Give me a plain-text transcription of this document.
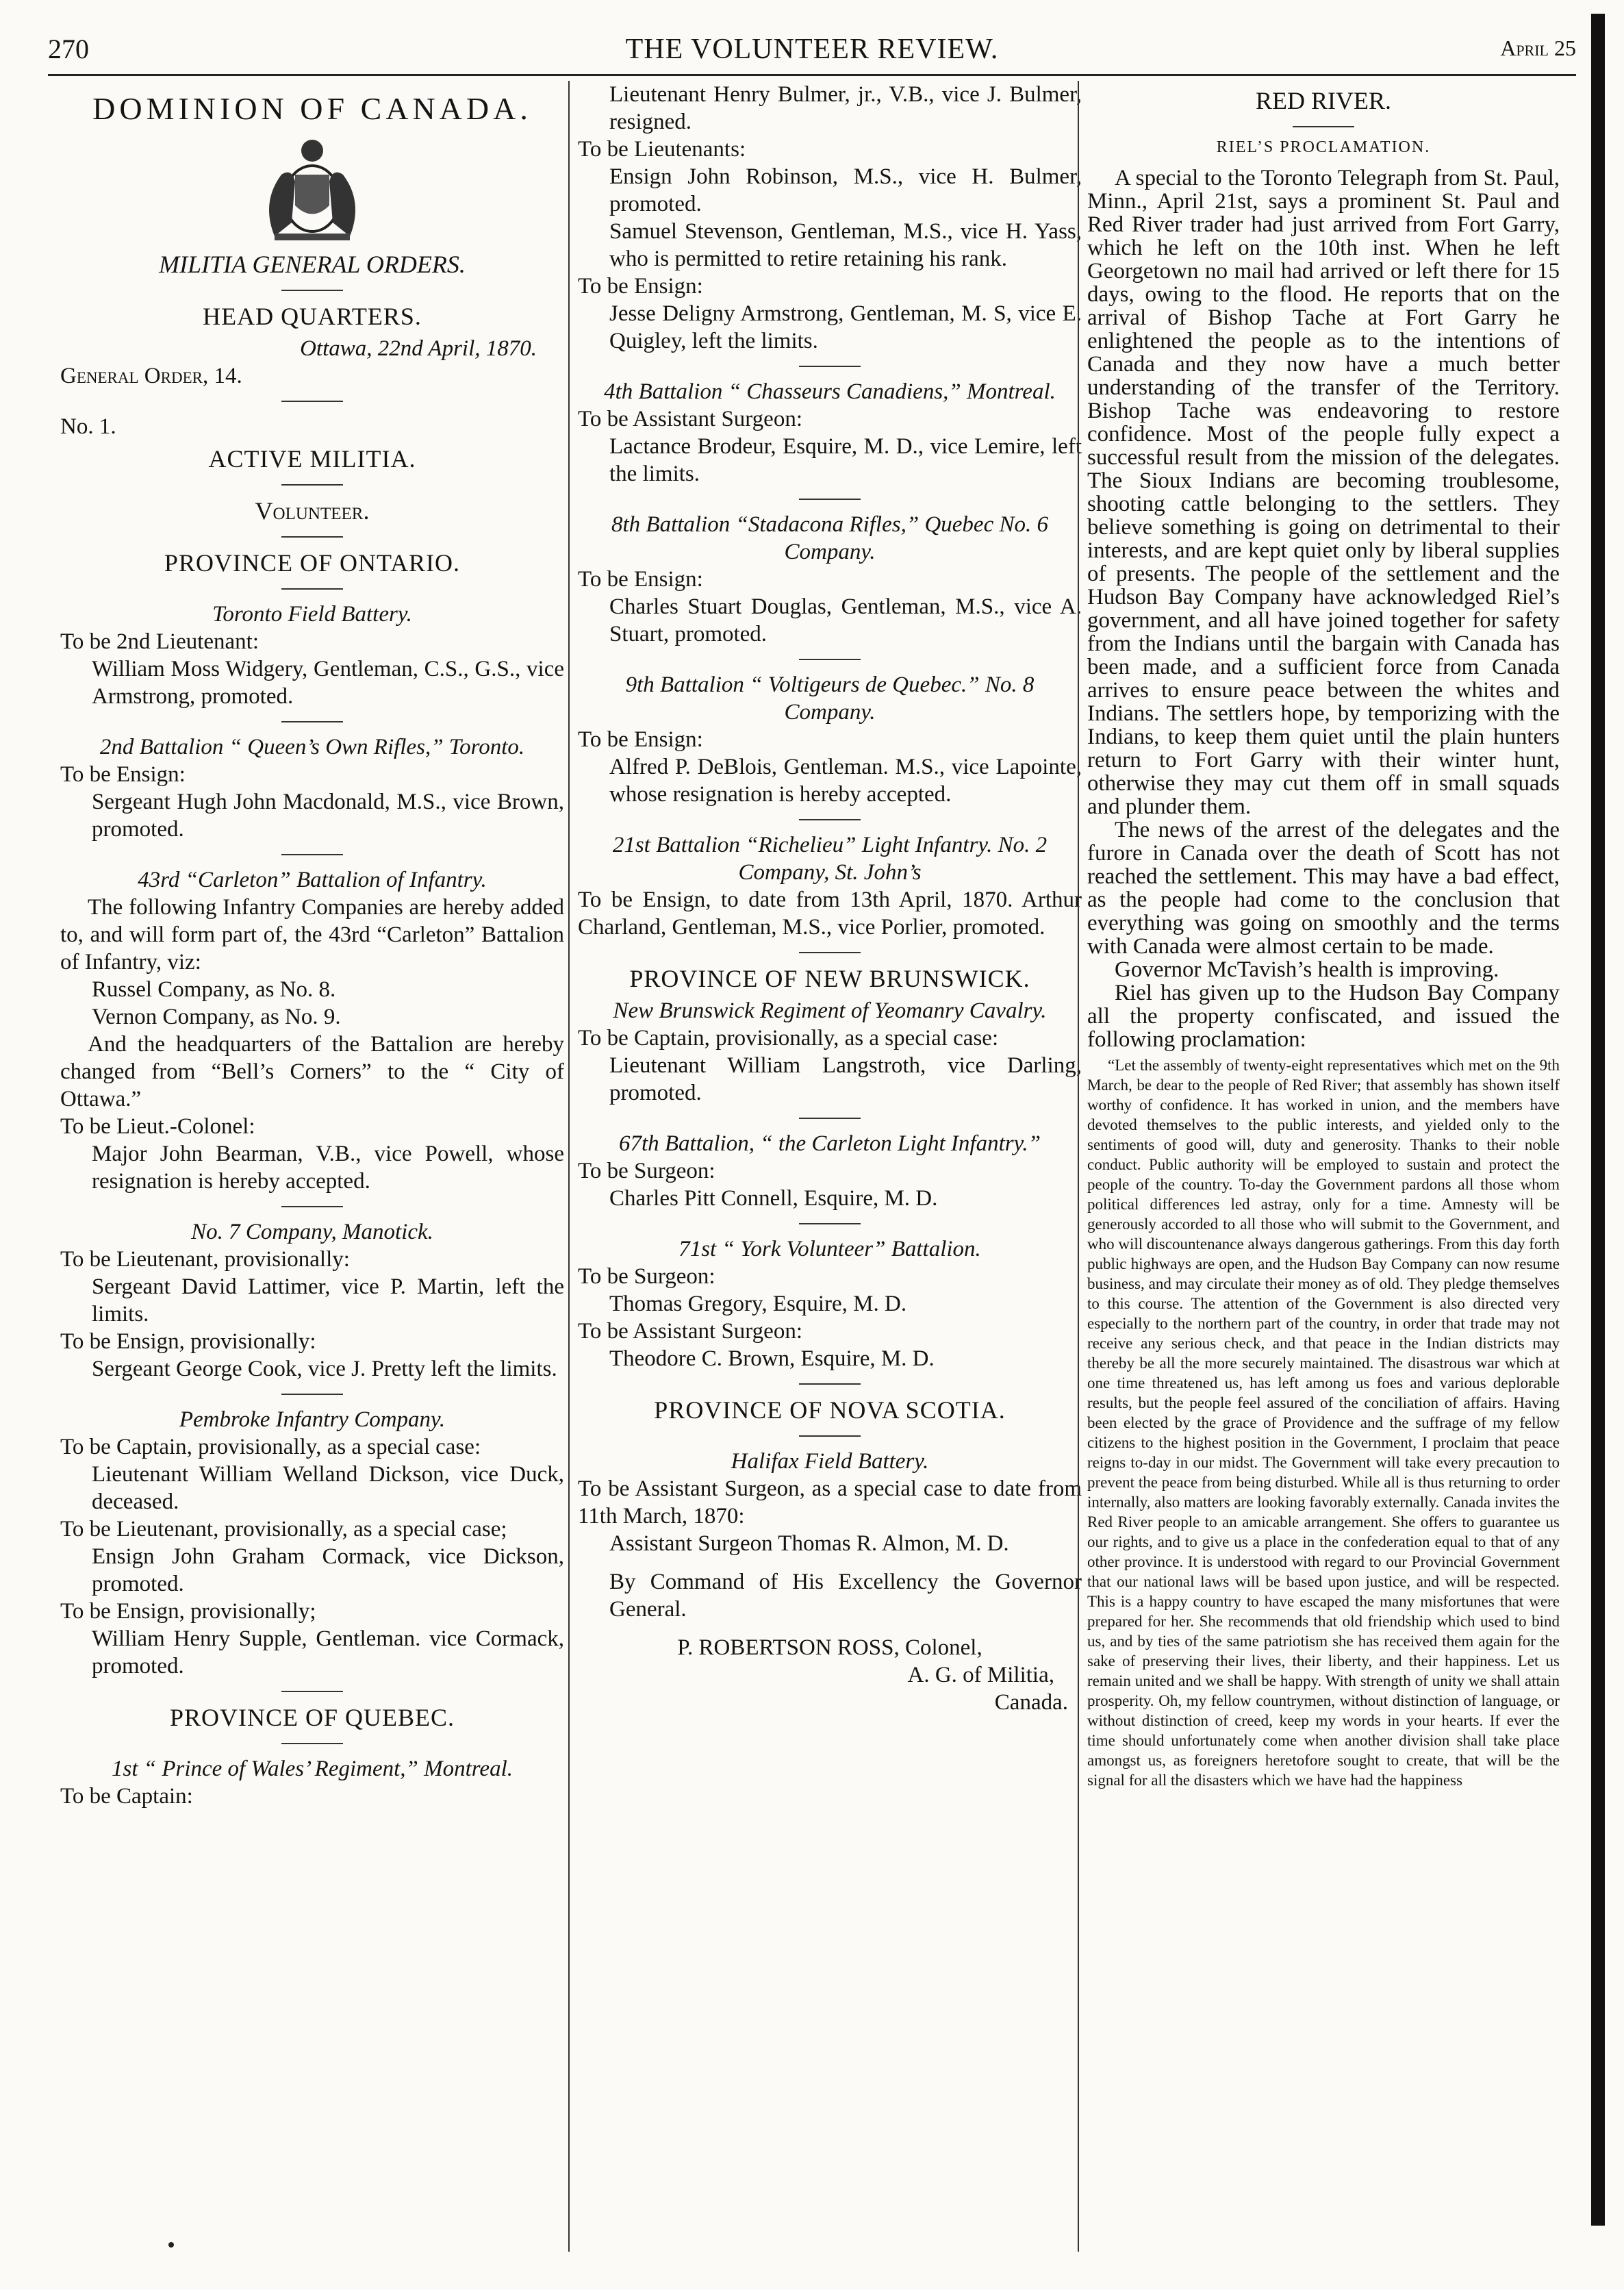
270	THE VOLUNTEER REVIEW.	April 25
DOMINION OF CANADA.
MILITIA GENERAL ORDERS.
HEAD QUARTERS.

Ottawa, 22nd April, 1870.

General Order, 14.

No. 1.

ACTIVE MILITIA.
Volunteer.
PROVINCE OF ONTARIO.

Toronto Field Battery.

To be 2nd Lieutenant:

William Moss Widgery, Gentleman, C.S., G.S., vice Armstrong, promoted.

2nd Battalion “ Queen’s Own Rifles,” Toronto.

To be Ensign:

Sergeant Hugh John Macdonald, M.S., vice Brown, promoted.

43rd “Carleton” Battalion of Infantry.

The following Infantry Companies are hereby added to, and will form part of, the 43rd “Carleton” Battalion of Infantry, viz:

Russel Company, as No. 8.

Vernon Company, as No. 9.

And the headquarters of the Battalion are hereby changed from “Bell’s Corners” to the “ City of Ottawa.”

To be Lieut.-Colonel:

Major John Bearman, V.B., vice Powell, whose resignation is hereby accepted.

No. 7 Company, Manotick.

To be Lieutenant, provisionally:

Sergeant David Lattimer, vice P. Martin, left the limits.

To be Ensign, provisionally:

Sergeant George Cook, vice J. Pretty left the limits.

Pembroke Infantry Company.

To be Captain, provisionally, as a special case:

Lieutenant William Welland Dickson, vice Duck, deceased.

To be Lieutenant, provisionally, as a special case;

Ensign John Graham Cormack, vice Dickson, promoted.

To be Ensign, provisionally;

William Henry Supple, Gentleman. vice Cormack, promoted.

PROVINCE OF QUEBEC.

1st “ Prince of Wales’ Regiment,” Montreal.

To be Captain:

Lieutenant Henry Bulmer, jr., V.B., vice J. Bulmer, resigned.

To be Lieutenants:

Ensign John Robinson, M.S., vice H. Bulmer, promoted.

Samuel Stevenson, Gentleman, M.S., vice H. Yass, who is permitted to retire retaining his rank.

To be Ensign:

Jesse Deligny Armstrong, Gentleman, M. S, vice E. Quigley, left the limits.

4th Battalion “ Chasseurs Canadiens,” Montreal.

To be Assistant Surgeon:

Lactance Brodeur, Esquire, M. D., vice Lemire, left the limits.

8th Battalion “Stadacona Rifles,” Quebec No. 6 Company.

To be Ensign:

Charles Stuart Douglas, Gentleman, M.S., vice A. Stuart, promoted.

9th Battalion “ Voltigeurs de Quebec.” No. 8 Company.

To be Ensign:

Alfred P. DeBlois, Gentleman. M.S., vice Lapointe, whose resignation is hereby accepted.

21st Battalion “Richelieu” Light Infantry. No. 2 Company, St. John’s

To be Ensign, to date from 13th April, 1870. Arthur Charland, Gentleman, M.S., vice Porlier, promoted.

PROVINCE OF NEW BRUNSWICK.

New Brunswick Regiment of Yeomanry Cavalry.

To be Captain, provisionally, as a special case:

Lieutenant William Langstroth, vice Darling, promoted.

67th Battalion, “ the Carleton Light Infantry.”

To be Surgeon:

Charles Pitt Connell, Esquire, M. D.

71st “ York Volunteer” Battalion.

To be Surgeon:

Thomas Gregory, Esquire, M. D.

To be Assistant Surgeon:

Theodore C. Brown, Esquire, M. D.

PROVINCE OF NOVA SCOTIA.

Halifax Field Battery.

To be Assistant Surgeon, as a special case to date from 11th March, 1870:

Assistant Surgeon Thomas R. Almon, M. D.

By Command of His Excellency the Governor General.

P. ROBERTSON ROSS, Colonel,

A. G. of Militia,

Canada.

RED RIVER.
RIEL’S PROCLAMATION.

A special to the Toronto Telegraph from St. Paul, Minn., April 21st, says a prominent St. Paul and Red River trader had just arrived from Fort Garry, which he left on the 10th inst. When he left Georgetown no mail had arrived or left there for 15 days, owing to the flood. He reports that on the arrival of Bishop Tache at Fort Garry he enlightened the people as to the intentions of Canada and they now have a much better understanding of the transfer of the Territory. Bishop Tache was endeavoring to restore confidence. Most of the people fully expect a successful result from the mission of the delegates. The Sioux Indians are becoming troublesome, shooting cattle belonging to the settlers. They believe something is going on detrimental to their interests, and are kept quiet only by liberal supplies of presents. The people of the settlement and the Hudson Bay Company have acknowledged Riel’s government, and all have joined together for safety from the Indians until the bargain with Canada has been made, and a sufficient force from Canada arrives to ensure peace between the whites and Indians. The settlers hope, by temporizing with the Indians, to keep them quiet until the plain hunters return to Fort Garry with their winter hunt, otherwise they may cut them off in small squads and plunder them.

The news of the arrest of the delegates and the furore in Canada over the death of Scott has not reached the settlement. This may have a bad effect, as the people had come to the conclusion that everything was going on smoothly and the terms with Canada were almost certain to be made.

Governor McTavish’s health is improving.

Riel has given up to the Hudson Bay Company all the property confiscated, and issued the following proclamation:

“Let the assembly of twenty-eight representatives which met on the 9th March, be dear to the people of Red River; that assembly has shown itself worthy of confidence. It has worked in union, and the members have devoted themselves to the public interests, and yielded only to the sentiments of good will, duty and generosity. Thanks to their noble conduct. Public authority will be employed to sustain and protect the people of the country. To-day the Government pardons all those whom political differences led astray, only for a time. Amnesty will be generously accorded to all those who will submit to the Government, and who will discountenance always dangerous gatherings. From this day forth public highways are open, and the Hudson Bay Company can now resume business, and may circulate their money as of old. They pledge themselves to this course. The attention of the Government is also directed very especially to the northern part of the country, in order that trade may not receive any serious check, and that peace in the Indian districts may thereby be all the more securely maintained. The disastrous war which at one time threatened us, has left among us foes and various deplorable results, but the people feel assured of the conciliation of affairs. Having been elected by the grace of Providence and the suffrage of my fellow citizens to the highest position in the Government, I proclaim that peace reigns to-day in our midst. The Government will take every precaution to prevent the peace from being disturbed. While all is thus returning to order internally, also matters are looking favorably externally. Canada invites the Red River people to an amicable arrangement. She offers to guarantee us our rights, and to give us a place in the confederation equal to that of any other province. It is understood with regard to our Provincial Government that our national laws will be based upon justice, and will be respected. This is a happy country to have escaped the many misfortunes that were prepared for her. She recommends that old friendship which used to bind us, and by ties of the same patriotism she has received them again for the sake of preserving their lives, their liberty, and their happiness. Let us remain united and we shall be happy. With strength of unity we shall attain prosperity. Oh, my fellow countrymen, without distinction of language, or without distinction of creed, keep my words in your hearts. If ever the time should unfortunately come when another division shall take place amongst us, as foreigners heretofore sought to create, that will be the signal for all the disasters which we have had the happiness
